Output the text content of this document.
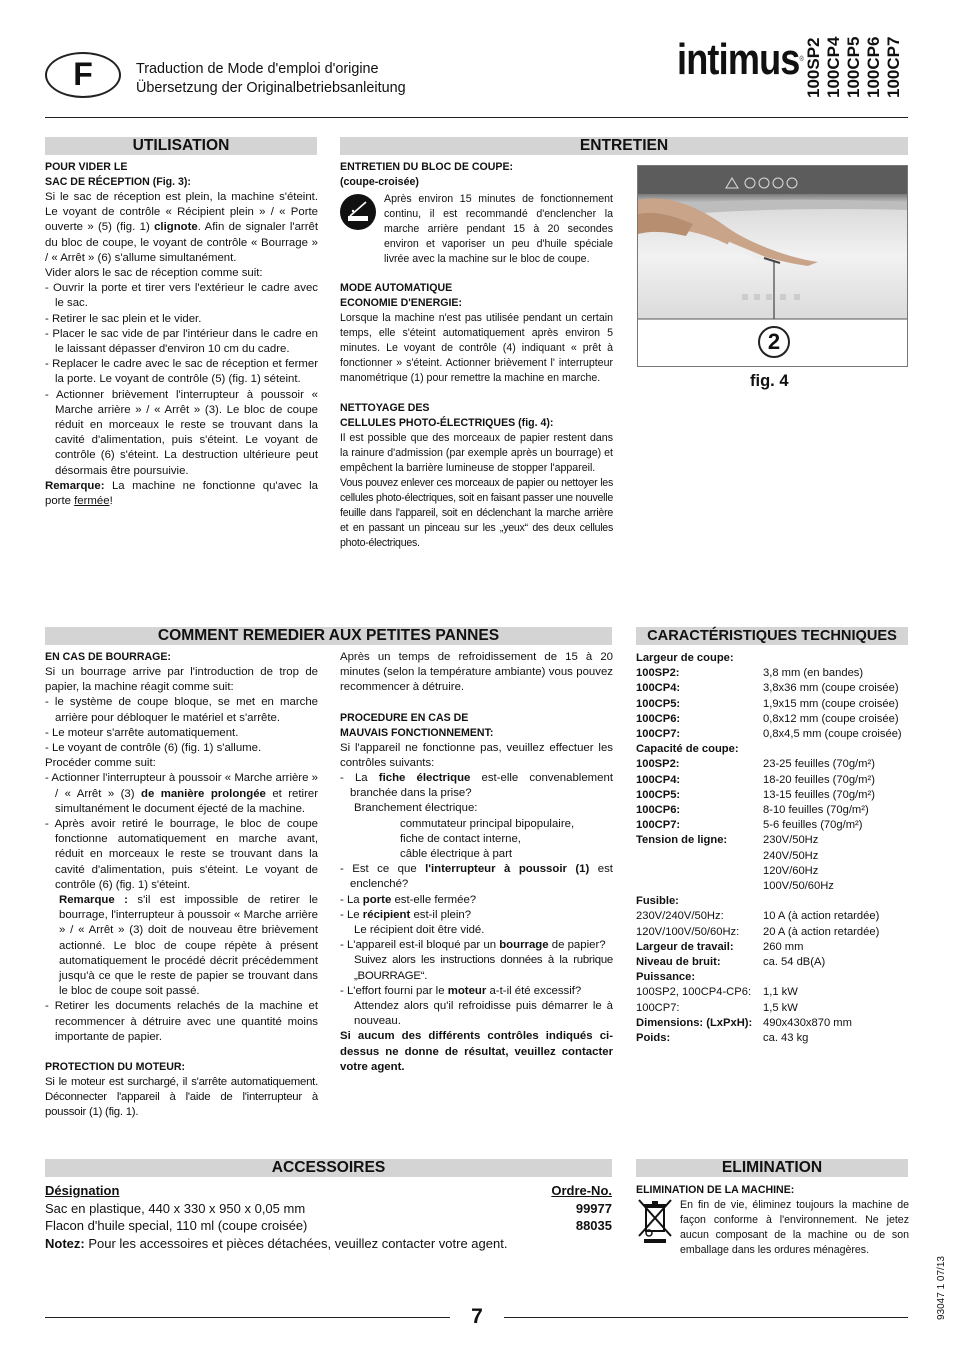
F	Traduction de Mode d'emploi d'origine
Übersetzung der Originalbetriebsanleitung
intimus® 100SP2 100CP4 100CP5 100CP6 100CP7
UTILISATION

POUR VIDER LE

SAC DE RÉCEPTION (Fig. 3):

Si le sac de réception est plein, la machine s'éteint. Le voyant de contrôle « Récipient plein » / « Porte ouverte » (5) (fig. 1) clignote. Afin de signaler l'arrêt du bloc de coupe, le voyant de contrôle « Bourrage » / « Arrêt » (6) s'allume simultanément.

Vider alors le sac de réception comme suit:

- Ouvrir la porte et tirer vers l'extérieur le cadre avec le sac.

- Retirer le sac plein et le vider.

- Placer le sac vide de par l'intérieur dans le cadre en le laissant dépasser d'environ 10 cm du cadre.

- Replacer le cadre avec le sac de réception et fermer la porte. Le voyant de contrôle (5) (fig. 1) séteint.

- Actionner brièvement l'interrupteur à poussoir « Marche arrière » / « Arrêt » (3). Le bloc de coupe réduit en morceaux le reste se trouvant dans la cavité d'alimentation, puis s'éteint. Le voyant de contrôle (6) s'éteint. La destruction ultérieure peut désormais être poursuivie.

Remarque: La machine ne fonctionne qu'avec la porte fermée!

ENTRETIEN

ENTRETIEN DU BLOC DE COUPE:

(coupe-croisée)

Après environ 15 minutes de fonctionnement continu, il est recommandé d'enclencher la marche arrière pendant 15 à 20 secondes environ et vaporiser un peu d'huile spéciale livrée avec la machine sur le bloc de coupe.

MODE AUTOMATIQUE

ECONOMIE D'ENERGIE:

Lorsque la machine n'est pas utilisée pendant un certain temps, elle s'éteint automatiquement après environ 5 minutes. Le voyant de contrôle (4) indiquant « prêt à fonctionner » s'éteint. Actionner brièvement l' interrupteur manométrique (1) pour remettre la machine en marche.

NETTOYAGE DES

CELLULES PHOTO-ÉLECTRIQUES (fig. 4):

Il est possible que des morceaux de papier restent dans la rainure d'admission (par exemple après un bourrage) et empêchent la barrière lumineuse de stopper l'appareil.

Vous pouvez enlever ces morceaux de papier ou nettoyer les cellules photo-électriques, soit en faisant passer une nouvelle feuille dans l'appareil, soit en déclenchant la marche arrière et en passant un pinceau sur les „yeux“ des deux cellules photo-électriques.

2
fig. 4
COMMENT REMEDIER AUX PETITES PANNES

EN CAS DE BOURRAGE:

Si un bourrage arrive par l'introduction de trop de papier, la machine réagit comme suit:

- le système de coupe bloque, se met en marche arrière pour débloquer le matériel et s'arrête.

- Le moteur s'arrête automatiquement.

- Le voyant de contrôle (6) (fig. 1) s'allume.

Procéder comme suit:

- Actionner l'interrupteur à poussoir « Marche arrière » / « Arrêt » (3) de manière prolongée et retirer simultanément le document éjecté de la machine.

- Après avoir retiré le bourrage, le bloc de coupe fonctionne automatiquement en marche avant, réduit en morceaux le reste se trouvant dans la cavité d'alimentation, puis s'éteint. Le voyant de contrôle (6) (fig. 1) s'éteint.

Remarque : s'il est impossible de retirer le bourrage, l'interrupteur à poussoir « Marche arrière » / « Arrêt » (3) doit de nouveau être brièvement actionné. Le bloc de coupe répète à présent automatiquement le procédé décrit précédemment jusqu'à ce que le reste de papier se trouvant dans le bloc de coupe soit passé.

- Retirer les documents relachés de la machine et recommencer à détruire avec une quantité moins importante de papier.

PROTECTION DU MOTEUR:

Si le moteur est surchargé, il s'arrête automatiquement. Déconnecter l'appareil à l'aide de l'interrupteur à poussoir (1) (fig. 1).

Après un temps de refroidissement de 15 à 20 minutes (selon la température ambiante) vous pouvez recommencer à détruire.

PROCEDURE EN CAS DE

MAUVAIS FONCTIONNEMENT:

Si l'appareil ne fonctionne pas, veuillez effectuer les contrôles suivants:

- La fiche électrique est-elle convenablement branchée dans la prise?

Branchement électrique:

commutateur principal bipopulaire,

fiche de contact interne,

câble électrique à part

- Est ce que l'interrupteur à poussoir (1) est enclenché?

- La porte est-elle fermée?

- Le récipient est-il plein?

Le récipient doit être vidé.

- L'appareil est-il bloqué par un bourrage de papier?

Suivez alors les instructions données à la rubrique „BOURRAGE“.

- L'effort fourni par le moteur a-t-il été excessif?

Attendez alors qu'il refroidisse puis démarrer le à nouveau.

Si aucum des différents contrôles indiqués ci-dessus ne donne de résultat, veuillez contacter votre agent.

CARACTÉRISTIQUES TECHNIQUES
Largeur de coupe:	
100SP2:	3,8 mm (en bandes)
100CP4:	3,8x36 mm (coupe croisée)
100CP5:	1,9x15 mm (coupe croisée)
100CP6:	0,8x12 mm (coupe croisée)
100CP7:	0,8x4,5 mm (coupe croisée)
Capacité de coupe:	
100SP2:	23-25 feuilles (70g/m²)
100CP4:	18-20 feuilles (70g/m²)
100CP5:	13-15 feuilles (70g/m²)
100CP6:	8-10 feuilles (70g/m²)
100CP7:	5-6 feuilles (70g/m²)
Tension de ligne:	230V/50Hz
	240V/50Hz
	120V/60Hz
	100V/50/60Hz
Fusible:	
230V/240V/50Hz:	10 A (à action retardée)
120V/100V/50/60Hz:	20 A (à action retardée)
Largeur de travail:	260 mm
Niveau de bruit:	ca. 54 dB(A)
Puissance:	
100SP2, 100CP4-CP6:	1,1 kW
100CP7:	1,5 kW
Dimensions: (LxPxH):	490x430x870 mm
Poids:	ca. 43 kg
ACCESSOIRES
Désignation	Ordre-No.
Sac en plastique, 440 x 330 x 950 x 0,05 mm	99977
Flacon d'huile special, 110 ml (coupe croisée)	88035
Notez: Pour les accessoires et pièces détachées, veuillez contacter votre agent.	
ELIMINATION

ELIMINATION DE LA MACHINE:

En fin de vie, éliminez toujours la machine de façon conforme à l'environnement. Ne jetez aucun composant de la machine ou de son emballage dans les ordures ménagères.

7	93047 1 07/13
